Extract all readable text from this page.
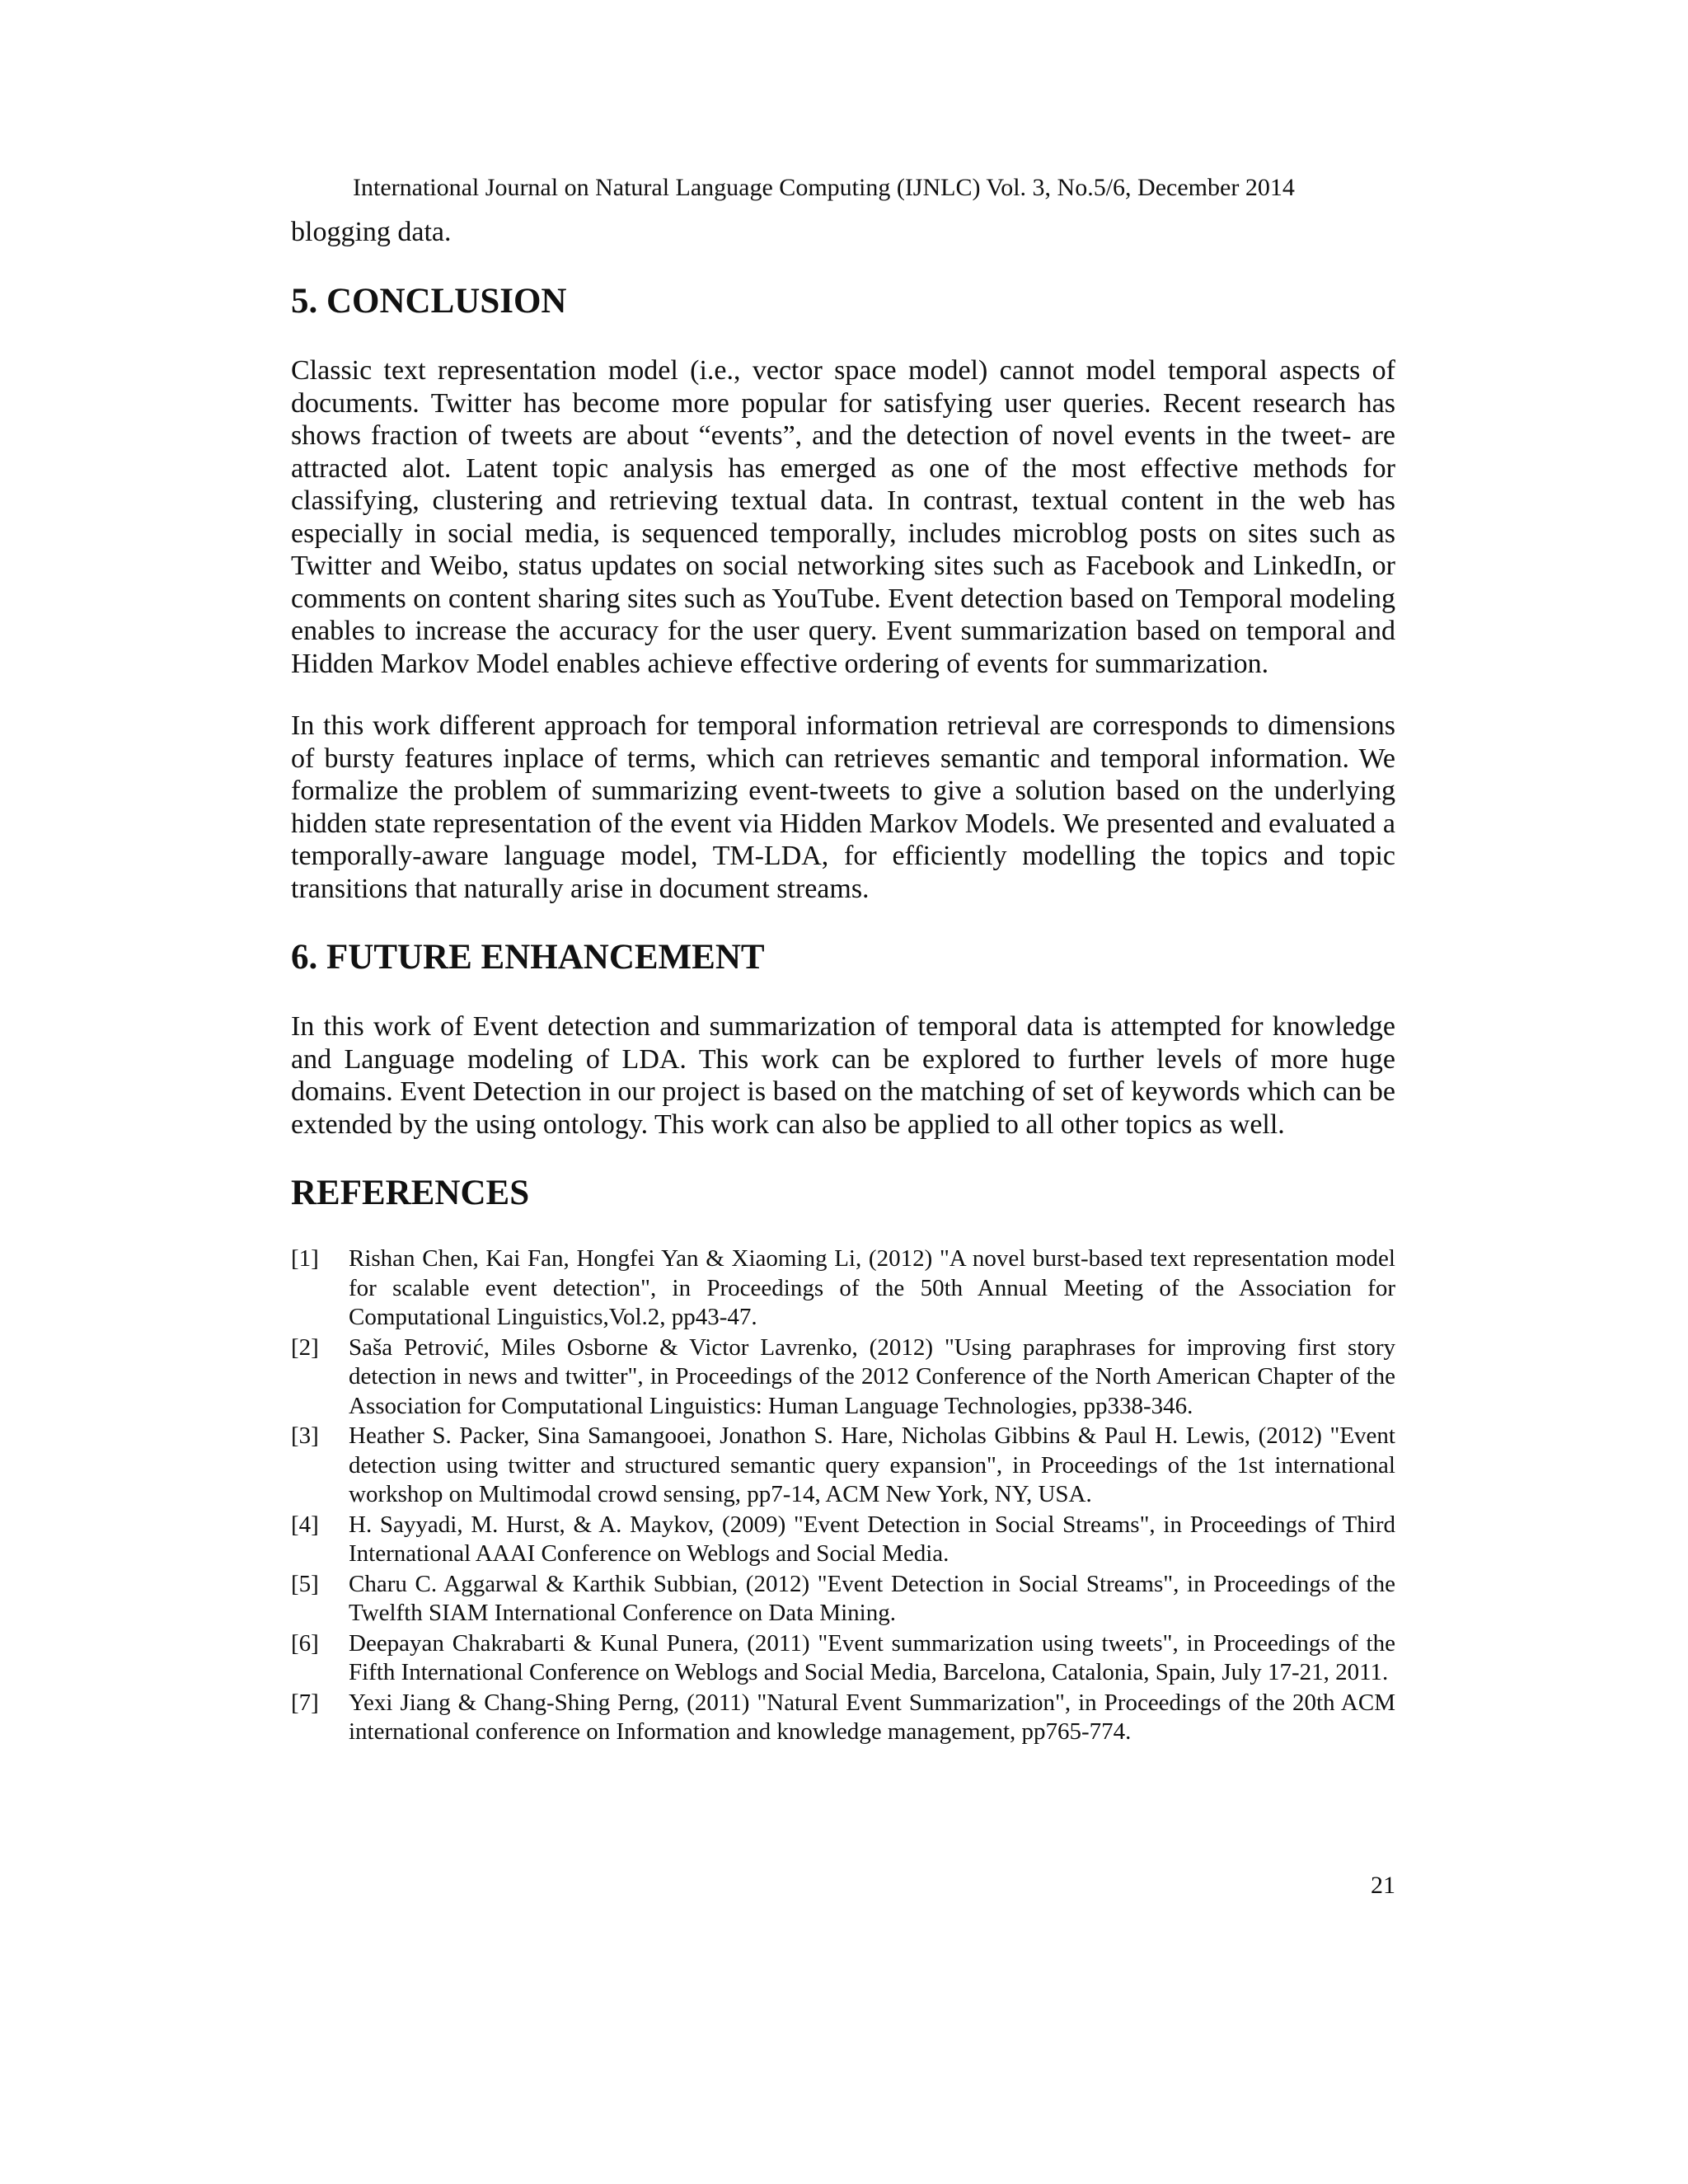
International Journal on Natural Language Computing (IJNLC) Vol. 3, No.5/6, December 2014

blogging data.

5. CONCLUSION

Classic text representation model (i.e., vector space model) cannot model temporal aspects of documents. Twitter has become more popular for satisfying user queries. Recent research has shows fraction of tweets are about “events”, and the detection of novel events in the tweet- are attracted alot. Latent topic analysis has emerged as one of the most effective methods for classifying, clustering and retrieving textual data. In contrast, textual content in the web has especially in social media, is sequenced temporally, includes microblog posts on sites such as Twitter and Weibo, status updates on social networking sites such as Facebook and LinkedIn, or comments on content sharing sites such as YouTube. Event detection based on Temporal modeling enables to increase the accuracy for the user query. Event summarization based on temporal and Hidden Markov Model enables achieve effective ordering of events for summarization.

In this work different approach for temporal information retrieval are corresponds to dimensions of bursty features inplace of terms, which can retrieves semantic and temporal information. We formalize the problem of summarizing event-tweets to give a solution based on the underlying hidden state representation of the event via Hidden Markov Models. We presented and evaluated a temporally-aware language model, TM-LDA, for efficiently modelling the topics and topic transitions that naturally arise in document streams.

6. FUTURE ENHANCEMENT

In this work of Event detection and summarization of temporal data is attempted for knowledge and Language modeling of LDA. This work can be explored to further levels of more huge domains. Event Detection in our project is based on the matching of set of keywords which can be extended by the using ontology. This work can also be applied to all other topics as well.

REFERENCES
[1] Rishan Chen, Kai Fan, Hongfei Yan & Xiaoming Li, (2012) "A novel burst-based text representation model for scalable event detection", in Proceedings of the 50th Annual Meeting of the Association for Computational Linguistics,Vol.2, pp43-47.
[2] Saša Petrović, Miles Osborne & Victor Lavrenko, (2012) "Using paraphrases for improving first story detection in news and twitter", in Proceedings of the 2012 Conference of the North American Chapter of the Association for Computational Linguistics: Human Language Technologies, pp338-346.
[3] Heather S. Packer, Sina Samangooei, Jonathon S. Hare, Nicholas Gibbins & Paul H. Lewis, (2012) "Event detection using twitter and structured semantic query expansion", in Proceedings of the 1st international workshop on Multimodal crowd sensing, pp7-14, ACM New York, NY, USA.
[4] H. Sayyadi, M. Hurst, & A. Maykov, (2009) "Event Detection in Social Streams", in Proceedings of Third International AAAI Conference on Weblogs and Social Media.
[5] Charu C. Aggarwal & Karthik Subbian, (2012) "Event Detection in Social Streams", in Proceedings of the Twelfth SIAM International Conference on Data Mining.
[6] Deepayan Chakrabarti & Kunal Punera, (2011) "Event summarization using tweets", in Proceedings of the Fifth International Conference on Weblogs and Social Media, Barcelona, Catalonia, Spain, July 17-21, 2011.
[7] Yexi Jiang & Chang-Shing Perng, (2011) "Natural Event Summarization", in Proceedings of the 20th ACM international conference on Information and knowledge management, pp765-774.
21
